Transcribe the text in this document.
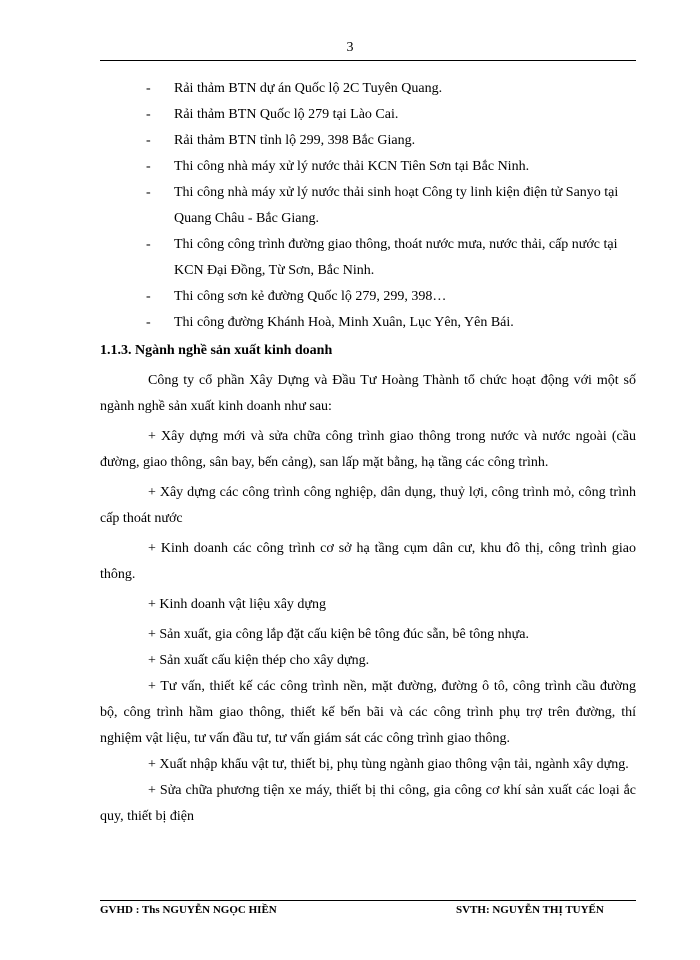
3
-	Rải thảm BTN dự án Quốc lộ 2C Tuyên Quang.
-	Rải thảm BTN Quốc lộ 279 tại Lào Cai.
-	Rải thảm BTN tỉnh lộ 299, 398 Bắc Giang.
-	Thi công nhà máy xử lý nước thải KCN Tiên Sơn tại Bắc Ninh.
-	Thi công nhà máy xử lý nước thải sinh hoạt Công ty linh kiện điện tử Sanyo tại Quang Châu - Bắc Giang.
-	Thi công công trình đường giao thông, thoát nước mưa, nước thải, cấp nước tại KCN Đại Đồng, Từ Sơn, Bắc Ninh.
-	Thi công sơn kẻ đường Quốc lộ 279, 299, 398…
-	Thi công đường Khánh Hoà, Minh Xuân, Lục Yên, Yên Bái.
1.1.3. Ngành nghề sản xuất kinh doanh
Công ty cổ phần Xây Dựng và Đầu Tư Hoàng Thành tổ chức hoạt động với một số ngành nghề sản xuất kinh doanh như sau:
+ Xây dựng mới và sửa chữa công trình giao thông trong nước và nước ngoài (cầu đường, giao thông, sân bay, bến cảng), san lấp mặt bằng, hạ tầng các công trình.
+ Xây dựng các công trình công nghiệp, dân dụng, thuỷ lợi, công trình mỏ, công trình cấp thoát nước
+ Kinh doanh các công trình cơ sở hạ tầng cụm dân cư, khu đô thị, công trình giao thông.
+ Kinh doanh vật liệu xây dựng
+ Sản xuất, gia công lắp đặt cấu kiện bê tông đúc sẵn, bê tông nhựa.
+ Sản xuất cấu kiện thép cho xây dựng.
+ Tư vấn, thiết kế các công trình nền, mặt đường, đường ô tô, công trình cầu đường bộ, công trình hầm giao thông, thiết kế bến bãi và các công trình phụ trợ trên đường, thí nghiệm vật liệu, tư vấn đầu tư, tư vấn giám sát các công trình giao thông.
+ Xuất nhập khẩu vật tư, thiết bị, phụ tùng ngành giao thông vận tải, ngành xây dựng.
+ Sửa chữa phương tiện xe máy, thiết bị thi công, gia công cơ khí sản xuất các loại ắc quy, thiết bị điện
GVHD : Ths NGUYỄN NGỌC HIỀN	SVTH: NGUYỄN THỊ TUYẾN
